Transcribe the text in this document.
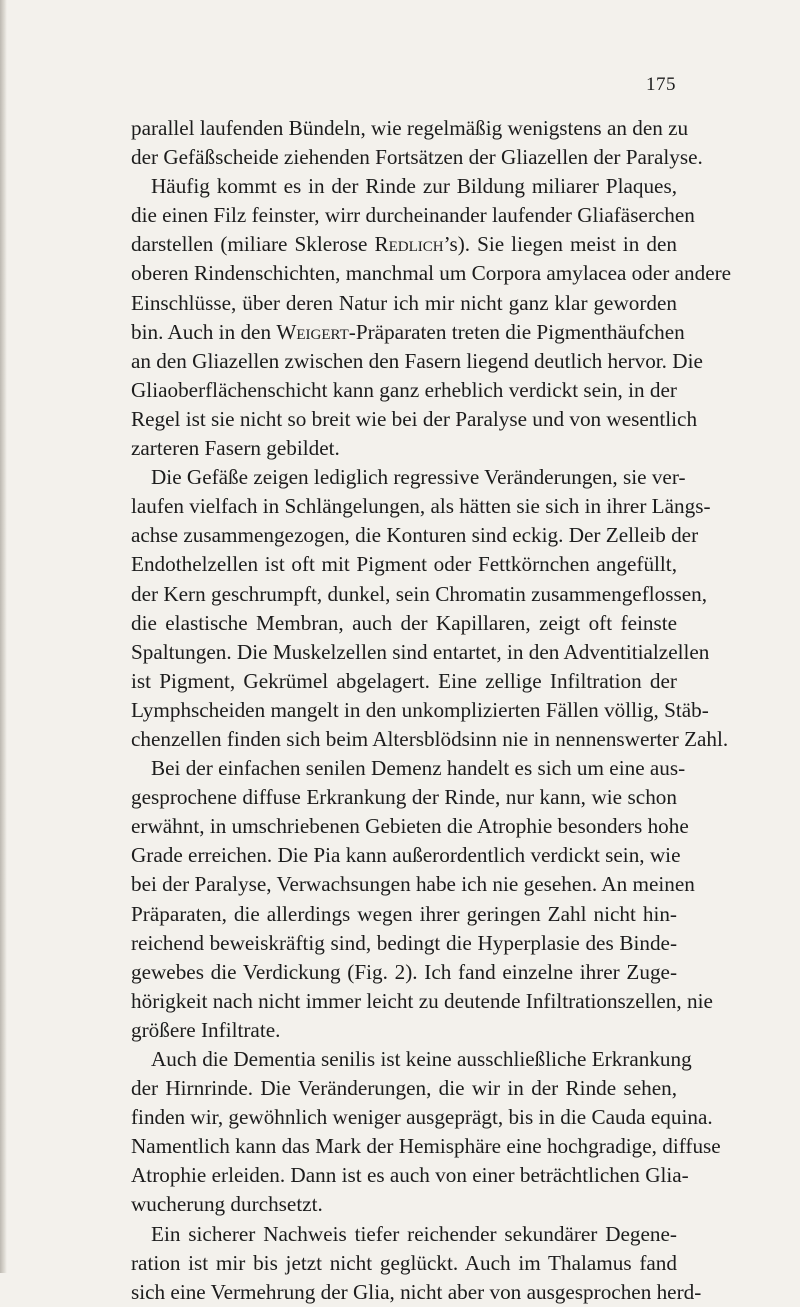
175
parallel laufenden Bündeln, wie regelmäßig wenigstens an den zu
der Gefäßscheide ziehenden Fortsätzen der Gliazellen der Paralyse.
Häufig kommt es in der Rinde zur Bildung miliarer Plaques,
die einen Filz feinster, wirr durcheinander laufender Gliafäserchen
darstellen (miliare Sklerose Redlich’s). Sie liegen meist in den
oberen Rindenschichten, manchmal um Corpora amylacea oder andere
Einschlüsse, über deren Natur ich mir nicht ganz klar geworden
bin. Auch in den Weigert-Präparaten treten die Pigmenthäufchen
an den Gliazellen zwischen den Fasern liegend deutlich hervor. Die
Gliaoberflächenschicht kann ganz erheblich verdickt sein, in der
Regel ist sie nicht so breit wie bei der Paralyse und von wesentlich
zarteren Fasern gebildet.
Die Gefäße zeigen lediglich regressive Veränderungen, sie ver-
laufen vielfach in Schlängelungen, als hätten sie sich in ihrer Längs-
achse zusammengezogen, die Konturen sind eckig. Der Zelleib der
Endothelzellen ist oft mit Pigment oder Fettkörnchen angefüllt,
der Kern geschrumpft, dunkel, sein Chromatin zusammengeflossen,
die elastische Membran, auch der Kapillaren, zeigt oft feinste
Spaltungen. Die Muskelzellen sind entartet, in den Adventitialzellen
ist Pigment, Gekrümel abgelagert. Eine zellige Infiltration der
Lymphscheiden mangelt in den unkomplizierten Fällen völlig, Stäb-
chenzellen finden sich beim Altersblödsinn nie in nennenswerter Zahl.
Bei der einfachen senilen Demenz handelt es sich um eine aus-
gesprochene diffuse Erkrankung der Rinde, nur kann, wie schon
erwähnt, in umschriebenen Gebieten die Atrophie besonders hohe
Grade erreichen. Die Pia kann außerordentlich verdickt sein, wie
bei der Paralyse, Verwachsungen habe ich nie gesehen. An meinen
Präparaten, die allerdings wegen ihrer geringen Zahl nicht hin-
reichend beweiskräftig sind, bedingt die Hyperplasie des Binde-
gewebes die Verdickung (Fig. 2). Ich fand einzelne ihrer Zuge-
hörigkeit nach nicht immer leicht zu deutende Infiltrationszellen, nie
größere Infiltrate.
Auch die Dementia senilis ist keine ausschließliche Erkrankung
der Hirnrinde. Die Veränderungen, die wir in der Rinde sehen,
finden wir, gewöhnlich weniger ausgeprägt, bis in die Cauda equina.
Namentlich kann das Mark der Hemisphäre eine hochgradige, diffuse
Atrophie erleiden. Dann ist es auch von einer beträchtlichen Glia-
wucherung durchsetzt.
Ein sicherer Nachweis tiefer reichender sekundärer Degene-
ration ist mir bis jetzt nicht geglückt. Auch im Thalamus fand
sich eine Vermehrung der Glia, nicht aber von ausgesprochen herd-
